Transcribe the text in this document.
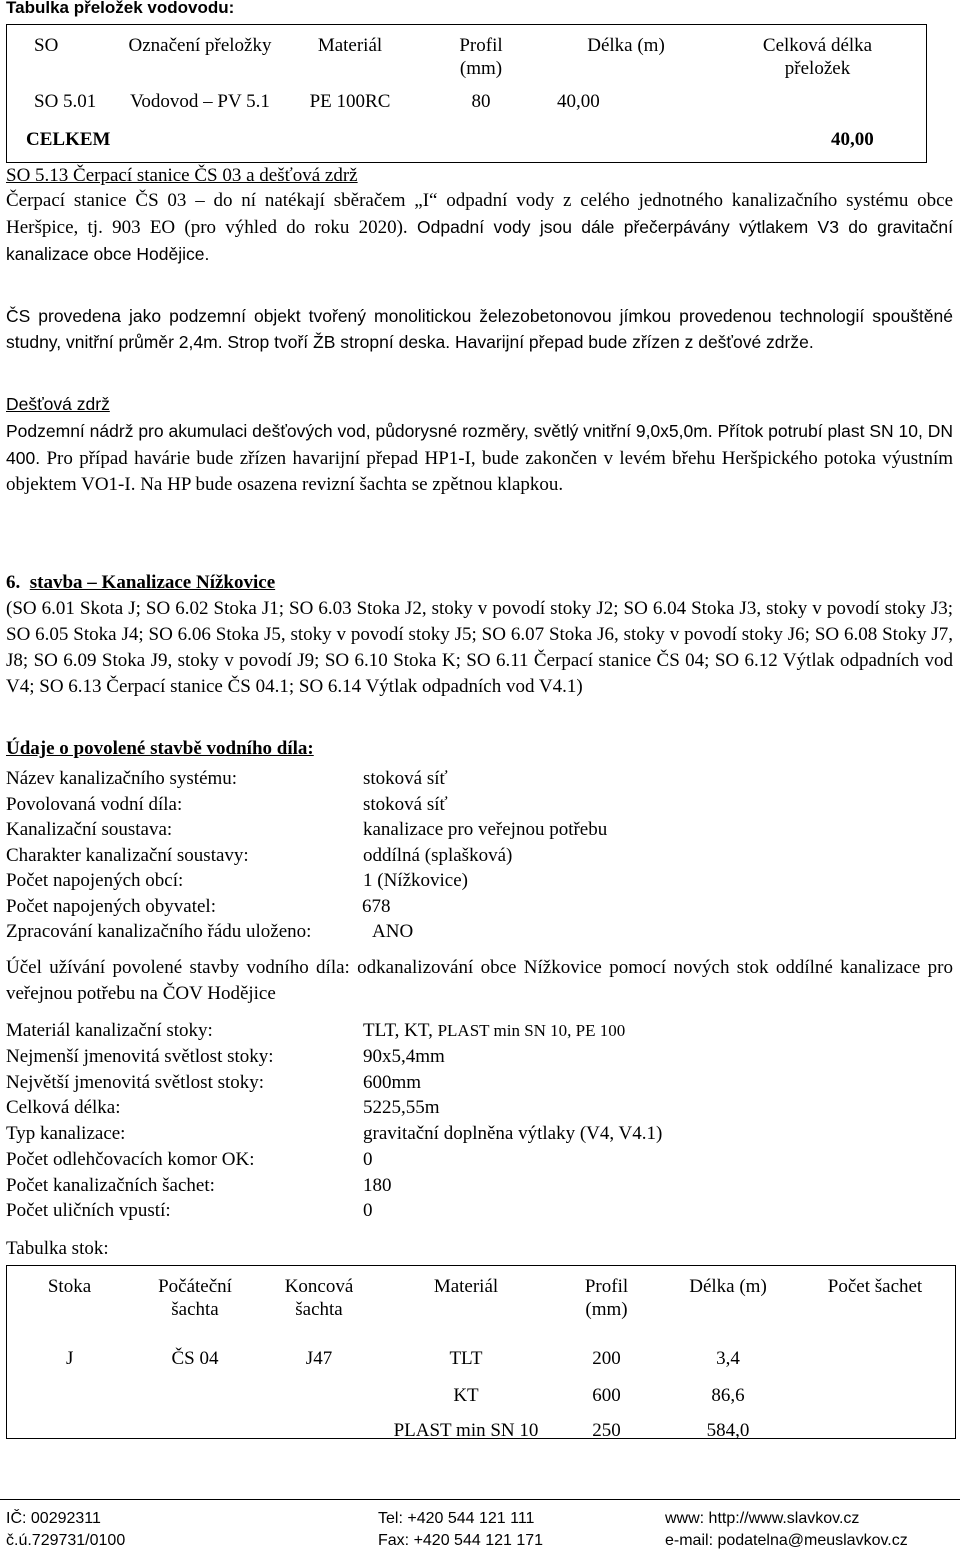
Tabulka přeložek vodovodu:
SO	Označení přeložky	Materiál	Profil (mm)	Délka (m)	Celková délka přeložek
SO 5.01	Vodovod – PV 5.1	PE 100RC	80	40,00	
CELKEM	40,00
SO 5.13 Čerpací stanice ČS 03 a dešťová zdrž
Čerpací stanice ČS 03 – do ní natékají sběračem „I“ odpadní vody z celého jednotného kanalizačního systému obce Heršpice, tj. 903 EO (pro výhled do roku 2020). Odpadní vody jsou dále přečerpávány výtlakem V3 do gravitační kanalizace obce Hodějice.
ČS provedena jako podzemní objekt tvořený monolitickou železobetonovou jímkou provedenou technologií spouštěné studny, vnitřní průměr 2,4m. Strop tvoří ŽB stropní deska. Havarijní přepad bude zřízen z dešťové zdrže.
Dešťová zdrž
Podzemní nádrž pro akumulaci dešťových vod, půdorysné rozměry, světlý vnitřní 9,0x5,0m. Přítok potrubí plast SN 10, DN 400. Pro případ havárie bude zřízen havarijní přepad HP1-I, bude zakončen v levém břehu Heršpického potoka výustním objektem VO1-I. Na HP bude osazena revizní šachta se zpětnou klapkou.
6. stavba – Kanalizace Nížkovice
(SO 6.01 Skota J; SO 6.02 Stoka J1; SO 6.03 Stoka J2, stoky v povodí stoky J2; SO 6.04 Stoka J3, stoky v povodí stoky J3; SO 6.05 Stoka J4; SO 6.06 Stoka J5, stoky v povodí stoky J5; SO 6.07 Stoka J6, stoky v povodí stoky J6; SO 6.08 Stoky J7, J8; SO 6.09 Stoka J9, stoky v povodí J9; SO 6.10 Stoka K; SO 6.11 Čerpací stanice ČS 04; SO 6.12 Výtlak odpadních vod V4; SO 6.13 Čerpací stanice ČS 04.1; SO 6.14 Výtlak odpadních vod V4.1)
Údaje o povolené stavbě vodního díla:
Název kanalizačního systému:	stoková síť
Povolovaná vodní díla:	stoková síť
Kanalizační soustava:	kanalizace pro veřejnou potřebu
Charakter kanalizační soustavy:	oddílná (splašková)
Počet napojených obcí:	1 (Nížkovice)
Počet napojených obyvatel:	678
Zpracování kanalizačního řádu uloženo:	ANO
Účel užívání povolené stavby vodního díla: odkanalizování obce Nížkovice pomocí nových stok oddílné kanalizace pro veřejnou potřebu na ČOV Hodějice
Materiál kanalizační stoky:	TLT, KT, PLAST min SN 10, PE 100
Nejmenší jmenovitá světlost stoky:	90x5,4mm
Největší jmenovitá světlost stoky:	600mm
Celková délka:	5225,55m
Typ kanalizace:	gravitační doplněna výtlaky (V4, V4.1)
Počet odlehčovacích komor OK:	0
Počet kanalizačních šachet:	180
Počet uličních vpustí:	0
Tabulka stok:
Stoka	Počáteční šachta	Koncová šachta	Materiál	Profil (mm)	Délka (m)	Počet šachet
J	ČS 04	J47	TLT	200	3,4	
			KT	600	86,6	
			PLAST min SN 10	250	584,0	
IČ: 00292311
č.ú.729731/0100
Tel: +420 544 121 111
Fax: +420 544 121 171
www: http://www.slavkov.cz
e-mail: podatelna@meuslavkov.cz
